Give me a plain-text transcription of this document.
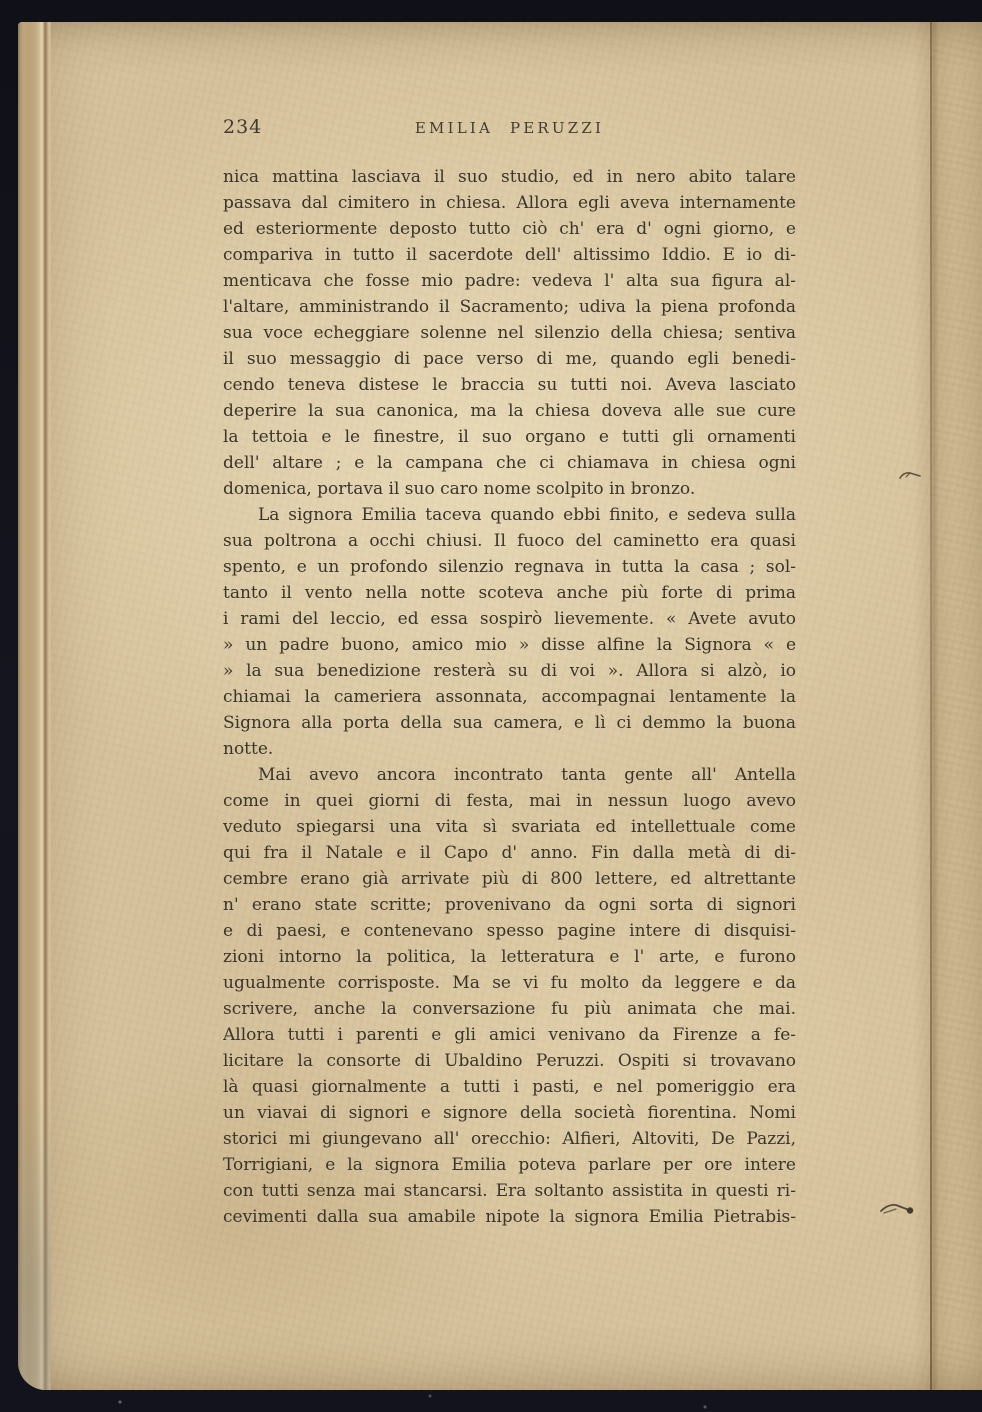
234	EMILIA PERUZZI
nica mattina lasciava il suo studio, ed in nero abito talare
passava dal cimitero in chiesa. Allora egli aveva internamente
ed esteriormente deposto tutto ciò ch' era d' ogni giorno, e
compariva in tutto il sacerdote dell' altissimo Iddio. E io di-
menticava che fosse mio padre: vedeva l' alta sua figura al-
l'altare, amministrando il Sacramento; udiva la piena profonda
sua voce echeggiare solenne nel silenzio della chiesa; sentiva
il suo messaggio di pace verso di me, quando egli benedi-
cendo teneva distese le braccia su tutti noi. Aveva lasciato
deperire la sua canonica, ma la chiesa doveva alle sue cure
la tettoia e le finestre, il suo organo e tutti gli ornamenti
dell' altare ; e la campana che ci chiamava in chiesa ogni
domenica, portava il suo caro nome scolpito in bronzo.
La signora Emilia taceva quando ebbi finito, e sedeva sulla
sua poltrona a occhi chiusi. Il fuoco del caminetto era quasi
spento, e un profondo silenzio regnava in tutta la casa ; sol-
tanto il vento nella notte scoteva anche più forte di prima
i rami del leccio, ed essa sospirò lievemente. « Avete avuto
» un padre buono, amico mio » disse alfine la Signora « e
» la sua benedizione resterà su di voi ». Allora si alzò, io
chiamai la cameriera assonnata, accompagnai lentamente la
Signora alla porta della sua camera, e lì ci demmo la buona
notte.
Mai avevo ancora incontrato tanta gente all' Antella
come in quei giorni di festa, mai in nessun luogo avevo
veduto spiegarsi una vita sì svariata ed intellettuale come
qui fra il Natale e il Capo d' anno. Fin dalla metà di di-
cembre erano già arrivate più di 800 lettere, ed altrettante
n' erano state scritte; provenivano da ogni sorta di signori
e di paesi, e contenevano spesso pagine intere di disquisi-
zioni intorno la politica, la letteratura e l' arte, e furono
ugualmente corrisposte. Ma se vi fu molto da leggere e da
scrivere, anche la conversazione fu più animata che mai.
Allora tutti i parenti e gli amici venivano da Firenze a fe-
licitare la consorte di Ubaldino Peruzzi. Ospiti si trovavano
là quasi giornalmente a tutti i pasti, e nel pomeriggio era
un viavai di signori e signore della società fiorentina. Nomi
storici mi giungevano all' orecchio: Alfieri, Altoviti, De Pazzi,
Torrigiani, e la signora Emilia poteva parlare per ore intere
con tutti senza mai stancarsi. Era soltanto assistita in questi ri-
cevimenti dalla sua amabile nipote la signora Emilia Pietrabis-
